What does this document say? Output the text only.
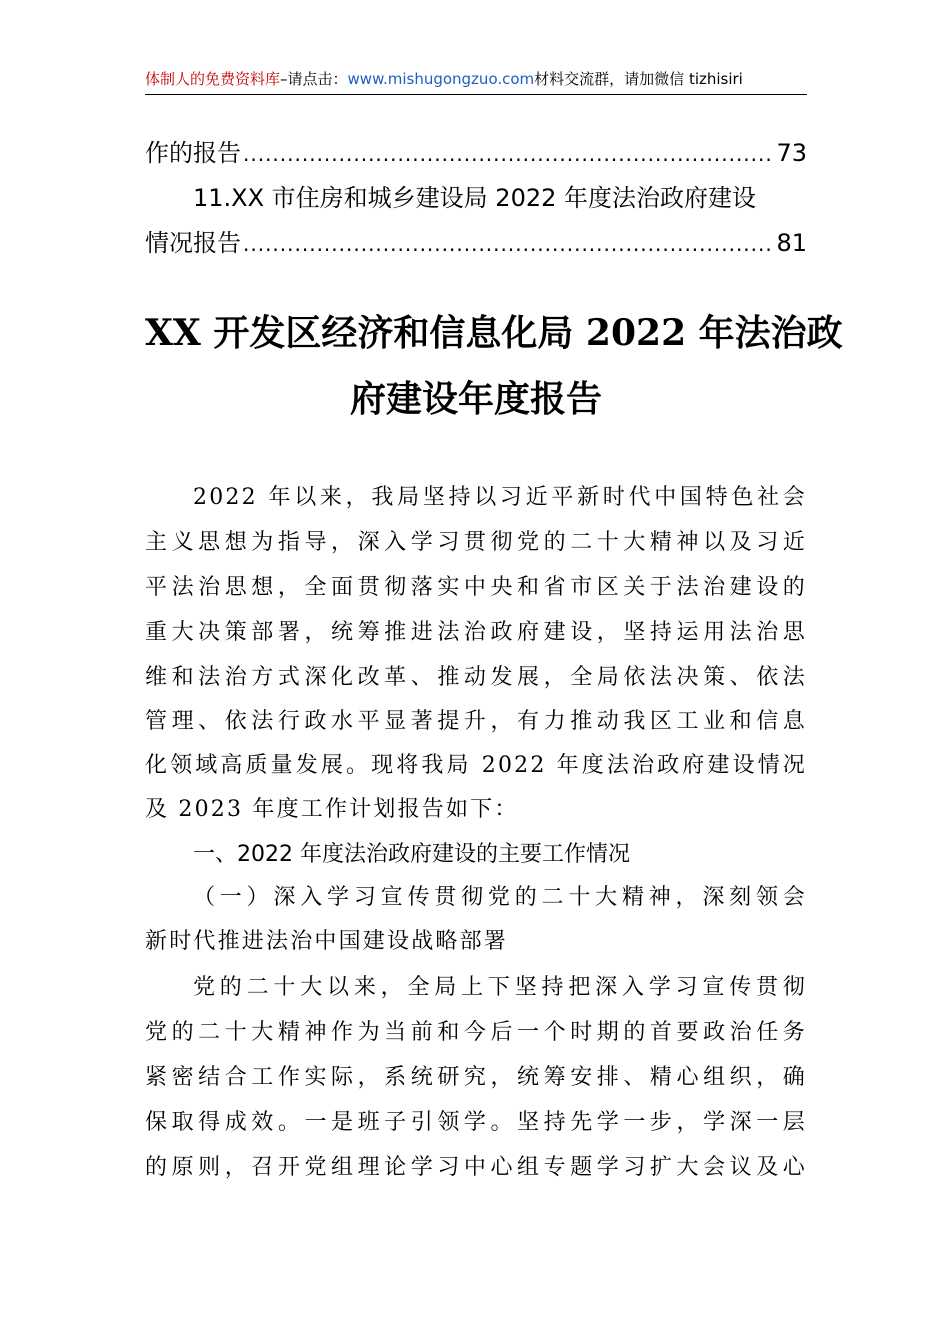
体制人的免费资料库–请点击：www.mishugongzuo.com材料交流群，请加微信 tizhisiri
作的报告 .....	73
11.XX 市住房和城乡建设局 2022 年度法治政府建设
情况报告 .....	81
XX 开发区经济和信息化局 2022 年法治政
府建设年度报告
2022 年以来，我局坚持以习近平新时代中国特色社会
主义思想为指导，深入学习贯彻党的二十大精神以及习近
平法治思想，全面贯彻落实中央和省市区关于法治建设的
重大决策部署，统筹推进法治政府建设，坚持运用法治思
维和法治方式深化改革、推动发展，全局依法决策、依法
管理、依法行政水平显著提升，有力推动我区工业和信息
化领域高质量发展。现将我局 2022 年度法治政府建设情况
及 2023 年度工作计划报告如下：
一、2022 年度法治政府建设的主要工作情况
（一）深入学习宣传贯彻党的二十大精神，深刻领会
新时代推进法治中国建设战略部署
党的二十大以来，全局上下坚持把深入学习宣传贯彻
党的二十大精神作为当前和今后一个时期的首要政治任务
紧密结合工作实际，系统研究，统筹安排、精心组织，确
保取得成效。一是班子引领学。坚持先学一步，学深一层
的原则，召开党组理论学习中心组专题学习扩大会议及心
